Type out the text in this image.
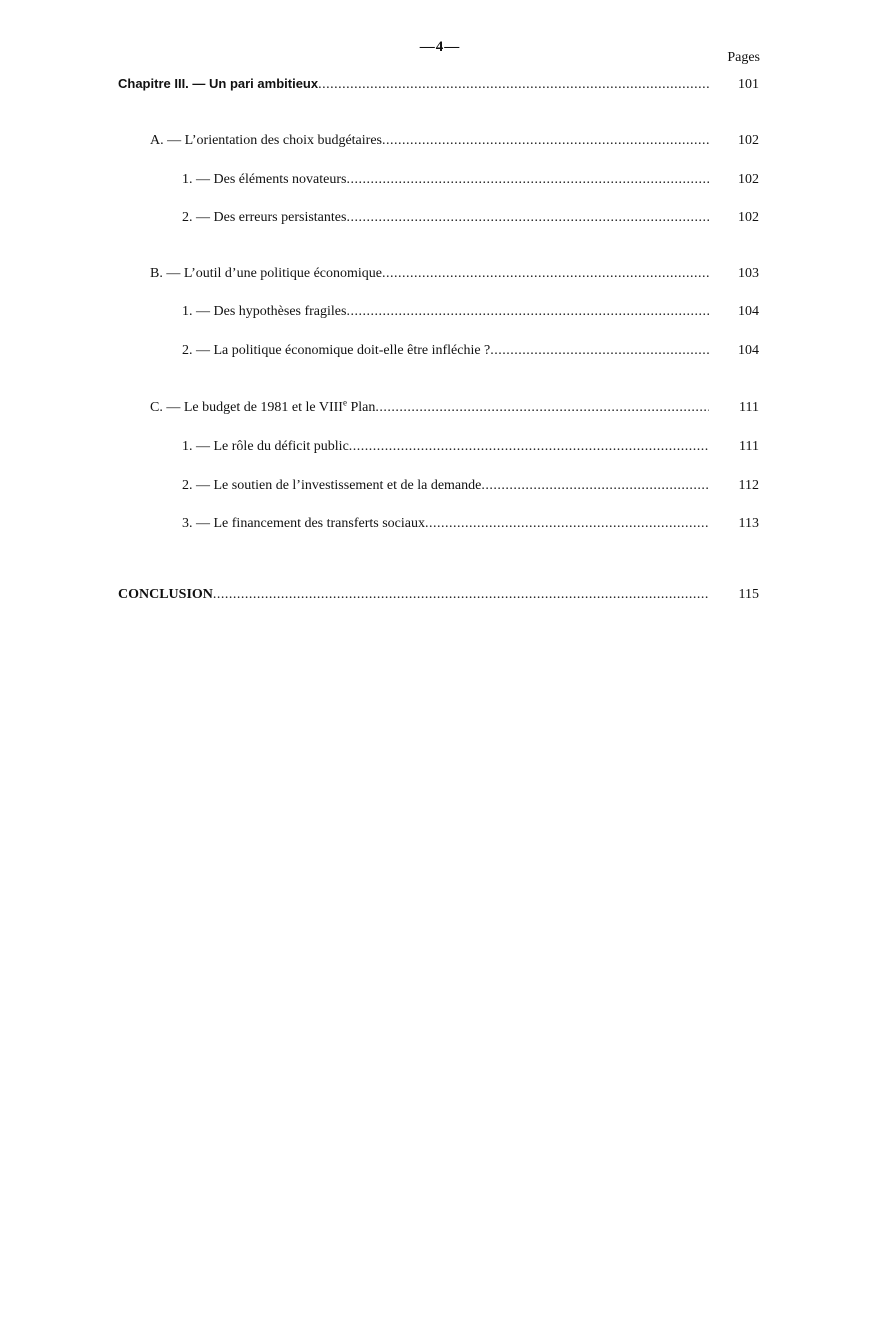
—4—
Pages
Chapitre III. — Un pari ambitieux .....	101
A. — L’orientation des choix budgétaires .....	102
1. — Des éléments novateurs .....	102
2. — Des erreurs persistantes .....	102
B. — L’outil d’une politique économique .....	103
1. — Des hypothèses fragiles .....	104
2. — La politique économique doit-elle être infléchie ? .....	104
C. — Le budget de 1981 et le VIIIe Plan .....	111
1. — Le rôle du déficit public .....	111
2. — Le soutien de l’investissement et de la demande .....	112
3. — Le financement des transferts sociaux .....	113
CONCLUSION .....	115
